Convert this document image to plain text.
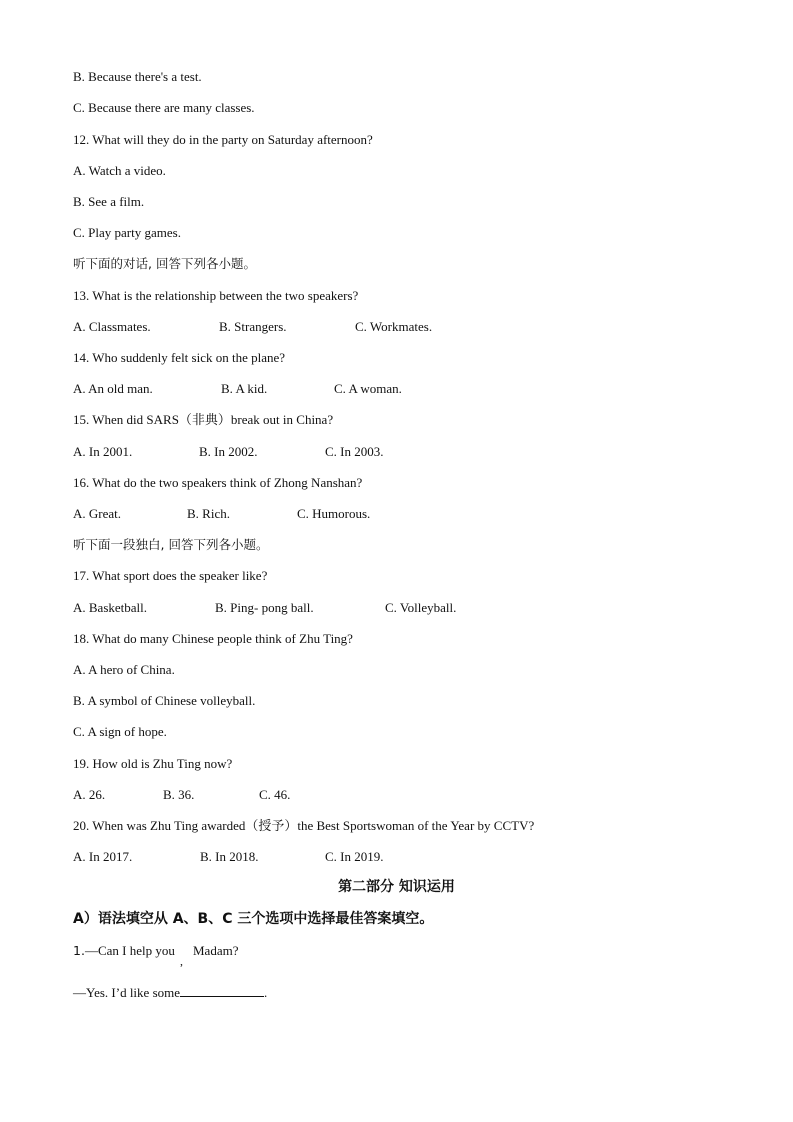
B. Because there's a test.
C. Because there are many classes.
12. What will they do in the party on Saturday afternoon?
A. Watch a video.
B. See a film.
C. Play party games.
听下面的对话, 回答下列各小题。
13. What is the relationship between the two speakers?
A. Classmates.	B. Strangers.	C. Workmates.
14. Who suddenly felt sick on the plane?
A. An old man.	B. A kid.	C. A woman.
15. When did SARS（非典）break out in China?
A. In 2001.	B. In 2002.	C. In 2003.
16. What do the two speakers think of Zhong Nanshan?
A. Great.	B. Rich.	C. Humorous.
听下面一段独白, 回答下列各小题。
17. What sport does the speaker like?
A. Basketball.	B. Ping- pong ball.	C. Volleyball.
18. What do many Chinese people think of Zhu Ting?
A. A hero of China.
B. A symbol of Chinese volleyball.
C. A sign of hope.
19. How old is Zhu Ting now?
A. 26.	B. 36.	C. 46.
20. When was Zhu Ting awarded（授予）the Best Sportswoman of the Year by CCTV?
A. In 2017.	B. In 2018.	C. In 2019.
第二部分 知识运用
A）语法填空从 A、B、C 三个选项中选择最佳答案填空。
1.—Can I help you
,
Madam?
—Yes. I’d like some	.
